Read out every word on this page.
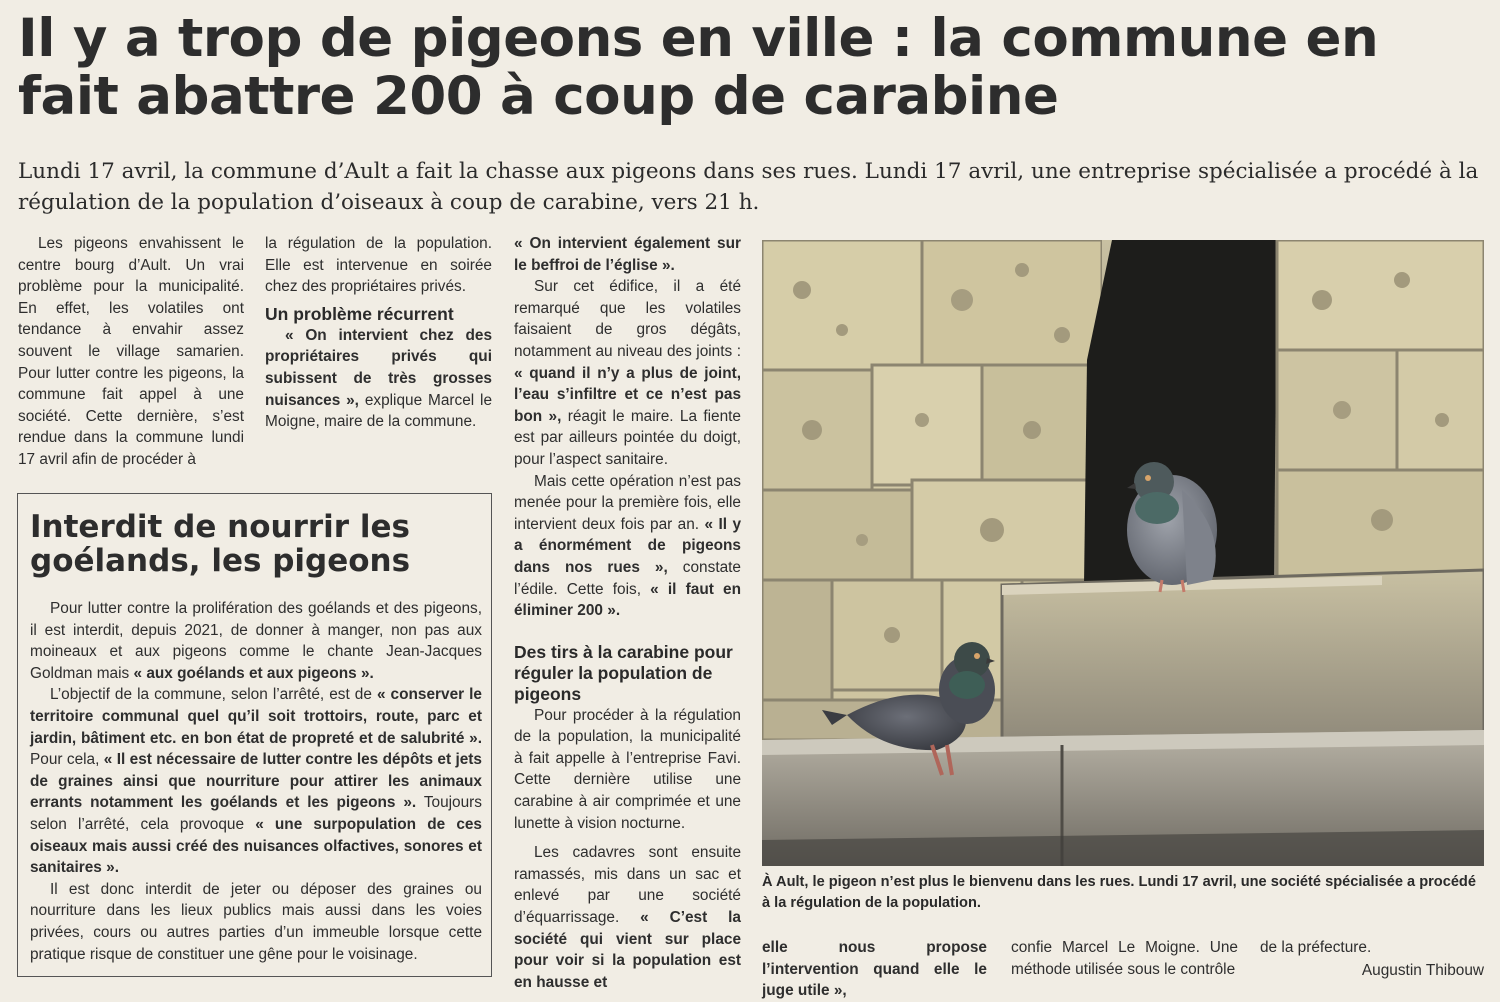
Il y a trop de pigeons en ville : la commune en fait abattre 200 à coup de carabine

Lundi 17 avril, la commune d’Ault a fait la chasse aux pigeons dans ses rues. Lundi 17 avril, une entreprise spécialisée a procédé à la régulation de la population d’oiseaux à coup de carabine, vers 21 h.

Les pigeons envahissent le centre bourg d’Ault. Un vrai problème pour la municipalité. En effet, les volatiles ont tendance à envahir assez souvent le village samarien. Pour lutter contre les pigeons, la commune fait appel à une société. Cette dernière, s’est rendue dans la commune lundi 17 avril afin de procéder à

la régulation de la population. Elle est intervenue en soirée chez des propriétaires privés.

Un problème récurrent

« On intervient chez des propriétaires privés qui subissent de très grosses nuisances », explique Marcel le Moigne, maire de la commune.

« On intervient également sur le beffroi de l’église ».

Sur cet édifice, il a été remarqué que les volatiles faisaient de gros dégâts, notamment au niveau des joints : « quand il n’y a plus de joint, l’eau s’infiltre et ce n’est pas bon », réagit le maire. La fiente est par ailleurs pointée du doigt, pour l’aspect sanitaire.

Mais cette opération n’est pas menée pour la première fois, elle intervient deux fois par an. « Il y a énormément de pigeons dans nos rues », constate l’édile. Cette fois, « il faut en éliminer 200 ».

Des tirs à la carabine pour réguler la population de pigeons

Pour procéder à la régulation de la population, la municipalité à fait appelle à l’entreprise Favi. Cette dernière utilise une carabine à air comprimée et une lunette à vision nocturne.

Les cadavres sont ensuite ramassés, mis dans un sac et enlevé par une société d’équarrissage. « C’est la société qui vient sur place pour voir si la population est en hausse et

Interdit de nourrir les goélands, les pigeons

Pour lutter contre la prolifération des goélands et des pigeons, il est interdit, depuis 2021, de donner à manger, non pas aux moineaux et aux pigeons comme le chante Jean-Jacques Goldman mais « aux goélands et aux pigeons ».

L’objectif de la commune, selon l’arrêté, est de « conserver le territoire communal quel qu’il soit trottoirs, route, parc et jardin, bâtiment etc. en bon état de propreté et de salubrité ». Pour cela, « Il est nécessaire de lutter contre les dépôts et jets de graines ainsi que nourriture pour attirer les animaux errants notamment les goélands et les pigeons ». Toujours selon l’arrêté, cela provoque « une surpopulation de ces oiseaux mais aussi créé des nuisances olfactives, sonores et sanitaires ».

Il est donc interdit de jeter ou déposer des graines ou nourriture dans les lieux publics mais aussi dans les voies privées, cours ou autres parties d’un immeuble lorsque cette pratique risque de constituer une gêne pour le voisinage.

À Ault, le pigeon n’est plus le bienvenu dans les rues. Lundi 17 avril, une société spécialisée a procédé à la régulation de la population.

elle nous propose l’intervention quand elle le juge utile »,

confie Marcel Le Moigne. Une méthode utilisée sous le contrôle

de la préfecture.

Augustin Thibouw
